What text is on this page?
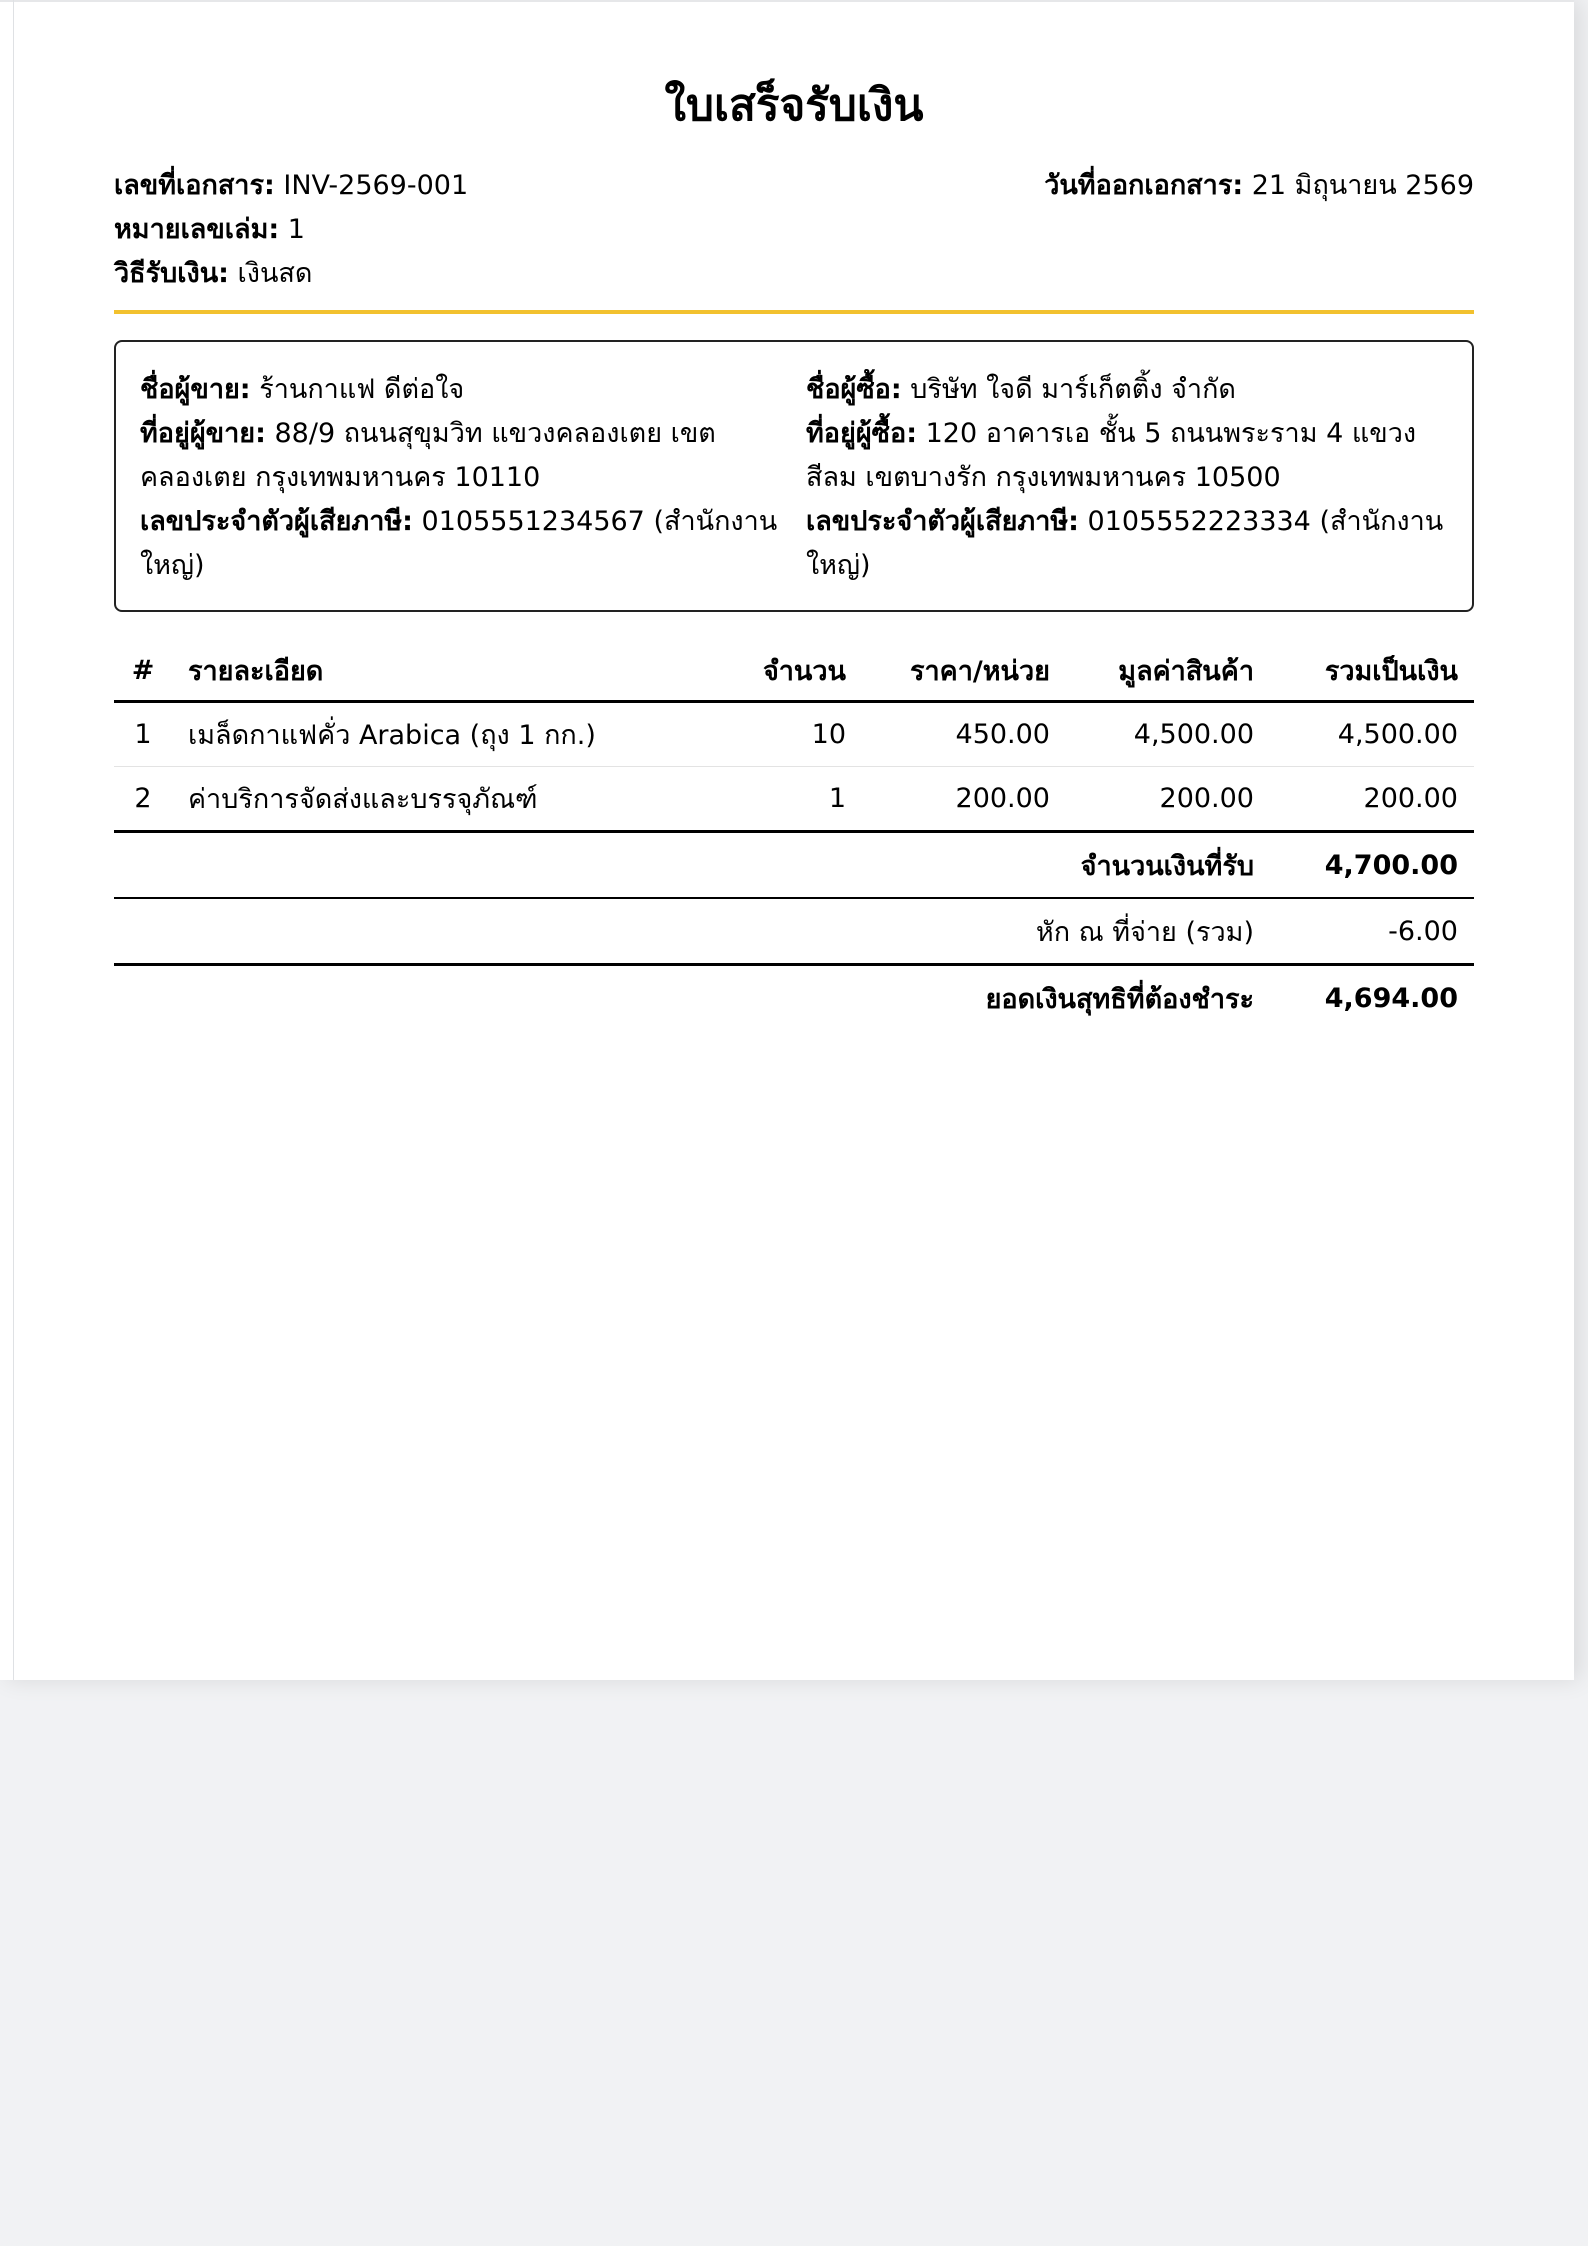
ใบเสร็จรับเงิน
เลขที่เอกสาร: INV-2569-001	วันที่ออกเอกสาร: 21 มิถุนายน 2569
หมายเลขเล่ม: 1
วิธีรับเงิน: เงินสด
ชื่อผู้ขาย: ร้านกาแฟ ดีต่อใจ
ที่อยู่ผู้ขาย: 88/9 ถนนสุขุมวิท แขวงคลองเตย เขตคลองเตย กรุงเทพมหานคร 10110
เลขประจำตัวผู้เสียภาษี: 0105551234567 (สำนักงานใหญ่)
ชื่อผู้ซื้อ: บริษัท ใจดี มาร์เก็ตติ้ง จำกัด
ที่อยู่ผู้ซื้อ: 120 อาคารเอ ชั้น 5 ถนนพระราม 4 แขวงสีลม เขตบางรัก กรุงเทพมหานคร 10500
เลขประจำตัวผู้เสียภาษี: 0105552223334 (สำนักงานใหญ่)
#	รายละเอียด	จำนวน	ราคา/หน่วย	มูลค่าสินค้า	รวมเป็นเงิน
1	เมล็ดกาแฟคั่ว Arabica (ถุง 1 กก.)	10	450.00	4,500.00	4,500.00
2	ค่าบริการจัดส่งและบรรจุภัณฑ์	1	200.00	200.00	200.00
จำนวนเงินที่รับ					4,700.00
หัก ณ ที่จ่าย (รวม)					-6.00
ยอดเงินสุทธิที่ต้องชำระ					4,694.00
